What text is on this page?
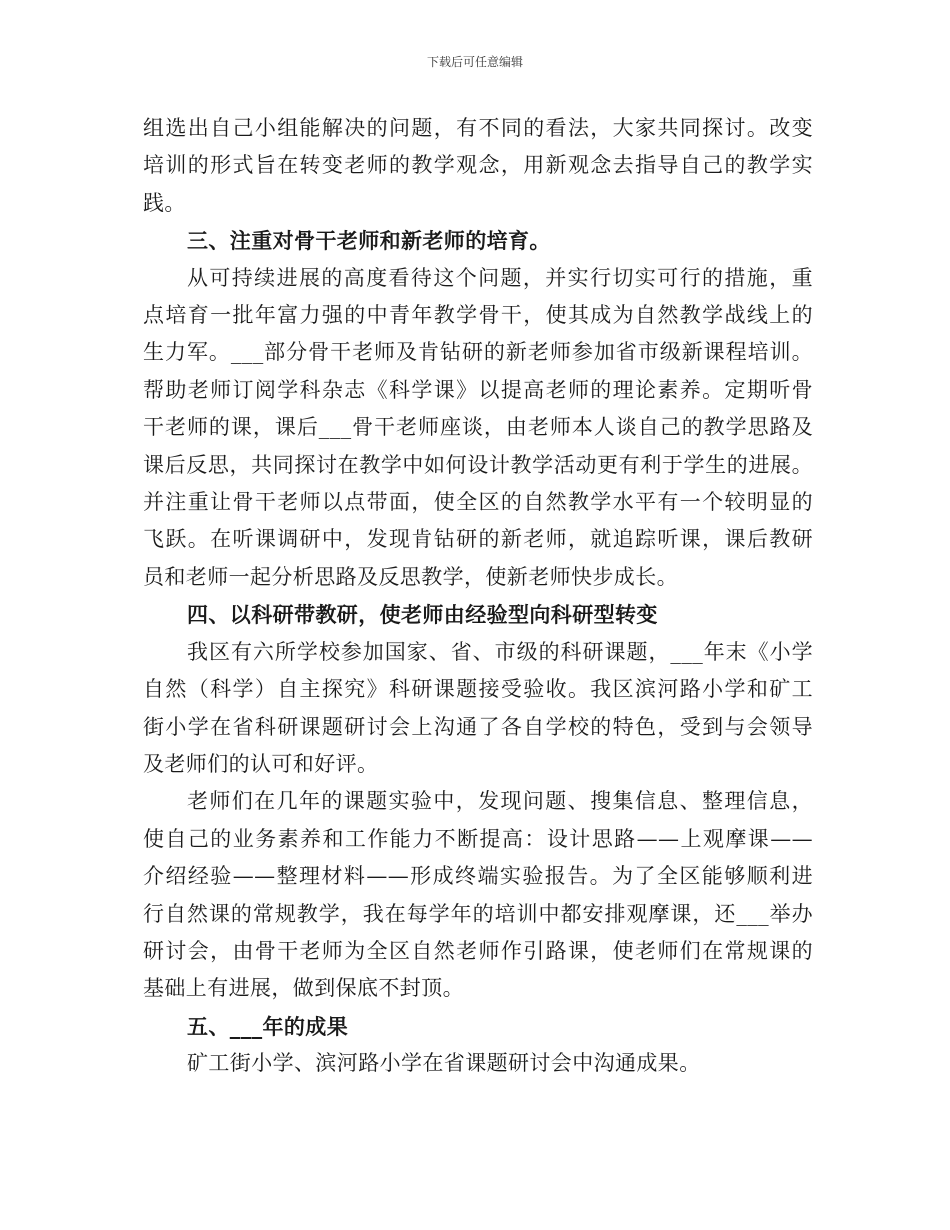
下载后可任意编辑

组选出自己小组能解决的问题，有不同的看法，大家共同探讨。改变
培训的形式旨在转变老师的教学观念，用新观念去指导自己的教学实
践。

三、注重对骨干老师和新老师的培育。

从可持续进展的高度看待这个问题，并实行切实可行的措施，重
点培育一批年富力强的中青年教学骨干，使其成为自然教学战线上的
生力军。___部分骨干老师及肯钻研的新老师参加省市级新课程培训。
帮助老师订阅学科杂志《科学课》以提高老师的理论素养。定期听骨
干老师的课，课后___骨干老师座谈，由老师本人谈自己的教学思路及
课后反思，共同探讨在教学中如何设计教学活动更有利于学生的进展。
并注重让骨干老师以点带面，使全区的自然教学水平有一个较明显的
飞跃。在听课调研中，发现肯钻研的新老师，就追踪听课，课后教研
员和老师一起分析思路及反思教学，使新老师快步成长。

四、以科研带教研，使老师由经验型向科研型转变

我区有六所学校参加国家、省、市级的科研课题，___年末《小学
自然（科学）自主探究》科研课题接受验收。我区滨河路小学和矿工
街小学在省科研课题研讨会上沟通了各自学校的特色，受到与会领导
及老师们的认可和好评。

老师们在几年的课题实验中，发现问题、搜集信息、整理信息，
使自己的业务素养和工作能力不断提高：设计思路——上观摩课——
介绍经验——整理材料——形成终端实验报告。为了全区能够顺利进
行自然课的常规教学，我在每学年的培训中都安排观摩课，还___举办
研讨会，由骨干老师为全区自然老师作引路课，使老师们在常规课的
基础上有进展，做到保底不封顶。

五、___年的成果

矿工街小学、滨河路小学在省课题研讨会中沟通成果。
